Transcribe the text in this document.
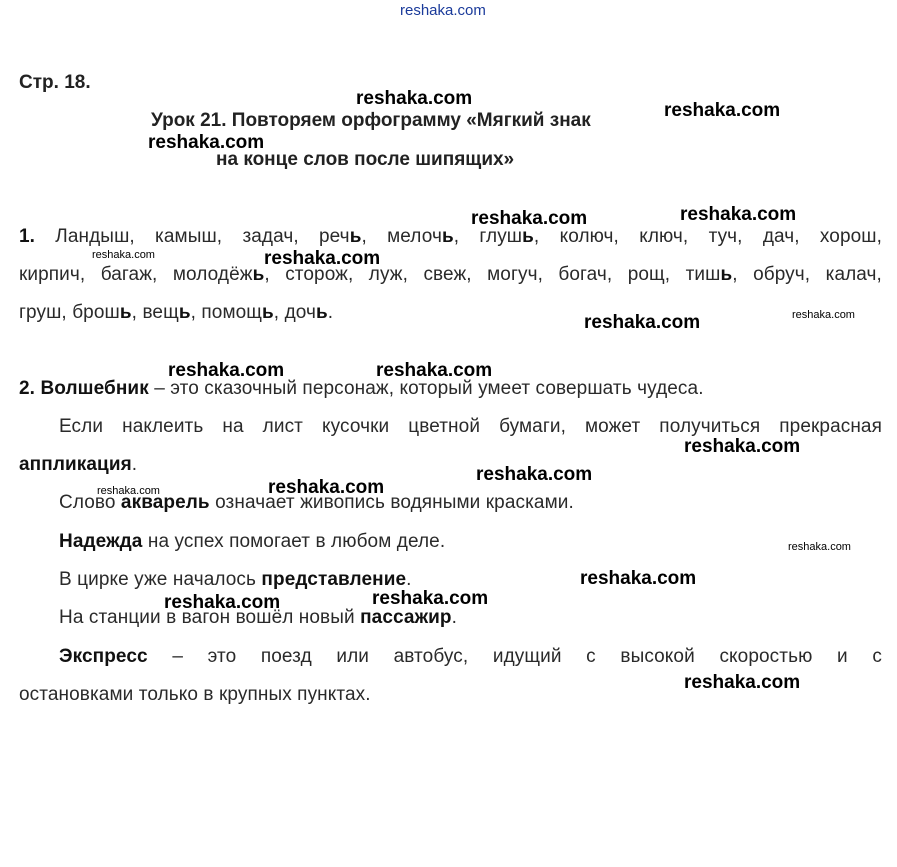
Стр. 18.
Урок 21. Повторяем орфограмму «Мягкий знак
на конце слов после шипящих»
1. Ландыш, камыш, задач, речь, мелочь, глушь, колюч, ключ, туч, дач, хорош,
кирпич, багаж, молодёжь, сторож, луж, свеж, могуч, богач, рощ, тишь, обруч, калач,
груш, брошь, вещь, помощь, дочь.
2. Волшебник – это сказочный персонаж, который умеет совершать чудеса.
Если наклеить на лист кусочки цветной бумаги, может получиться прекрасная
аппликация.
Слово акварель означает живопись водяными красками.
Надежда на успех помогает в любом деле.
В цирке уже началось представление.
На станции в вагон вошёл новый пассажир.
Экспресс – это поезд или автобус, идущий с высокой скоростью и с
остановками только в крупных пунктах.
reshaka.com
reshaka.com
reshaka.com
reshaka.com
reshaka.com	reshaka.com
reshaka.com	reshaka.com
reshaka.com	reshaka.com
reshaka.com	reshaka.com
reshaka.com
reshaka.com
reshaka.com	reshaka.com
reshaka.com
reshaka.com
reshaka.com	reshaka.com
reshaka.com
